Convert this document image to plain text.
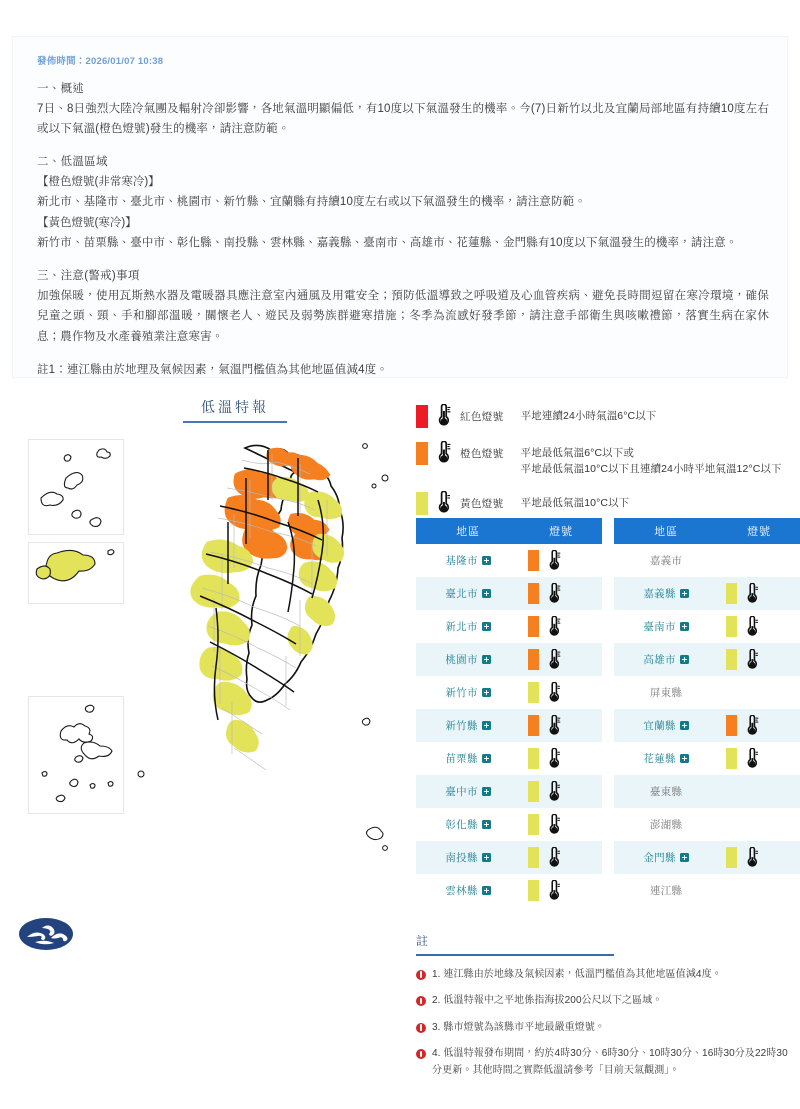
發佈時間：2026/01/07 10:38
一、概述
7日、8日強烈大陸冷氣團及輻射冷卻影響，各地氣溫明顯偏低，有10度以下氣溫發生的機率。今(7)日新竹以北及宜蘭局部地區有持續10度左右或以下氣溫(橙色燈號)發生的機率，請注意防範。
二、低溫區域
【橙色燈號(非常寒冷)】
新北市、基隆市、臺北市、桃園市、新竹縣、宜蘭縣有持續10度左右或以下氣溫發生的機率，請注意防範。
【黃色燈號(寒冷)】
新竹市、苗栗縣、臺中市、彰化縣、南投縣、雲林縣、嘉義縣、臺南市、高雄市、花蓮縣、金門縣有10度以下氣溫發生的機率，請注意。
三、注意(警戒)事項
加強保暖，使用瓦斯熱水器及電暖器具應注意室內通風及用電安全；預防低溫導致之呼吸道及心血管疾病、避免長時間逗留在寒冷環境，確保兒童之頭、頸、手和腳部溫暖，關懷老人、遊民及弱勢族群避寒措施；冬季為流感好發季節，請注意手部衛生與咳嗽禮節，落實生病在家休息；農作物及水產養殖業注意寒害。
註1：連江縣由於地理及氣候因素，氣溫門檻值為其他地區值減4度。
低溫特報
紅色燈號 平地連續24小時氣溫6°C以下
橙色燈號 平地最低氣溫6°C以下或
平地最低氣溫10°C以下且連續24小時平地氣溫12°C以下
黃色燈號 平地最低氣溫10°C以下
地區	燈號
基隆市
臺北市
新北市
桃園市
新竹市
新竹縣
苗栗縣
臺中市
彰化縣
南投縣
雲林縣
地區	燈號
嘉義市
嘉義縣
臺南市
高雄市
屏東縣
宜蘭縣
花蓮縣
臺東縣
澎湖縣
金門縣
連江縣
註
1. 連江縣由於地緣及氣候因素，低溫門檻值為其他地區值減4度。
2. 低溫特報中之平地係指海拔200公尺以下之區域。
3. 縣市燈號為該縣市平地最嚴重燈號。
4. 低溫特報發布期間，約於4時30分、6時30分、10時30分、16時30分及22時30分更新。其他時間之實際低溫請參考「目前天氣觀測」。
